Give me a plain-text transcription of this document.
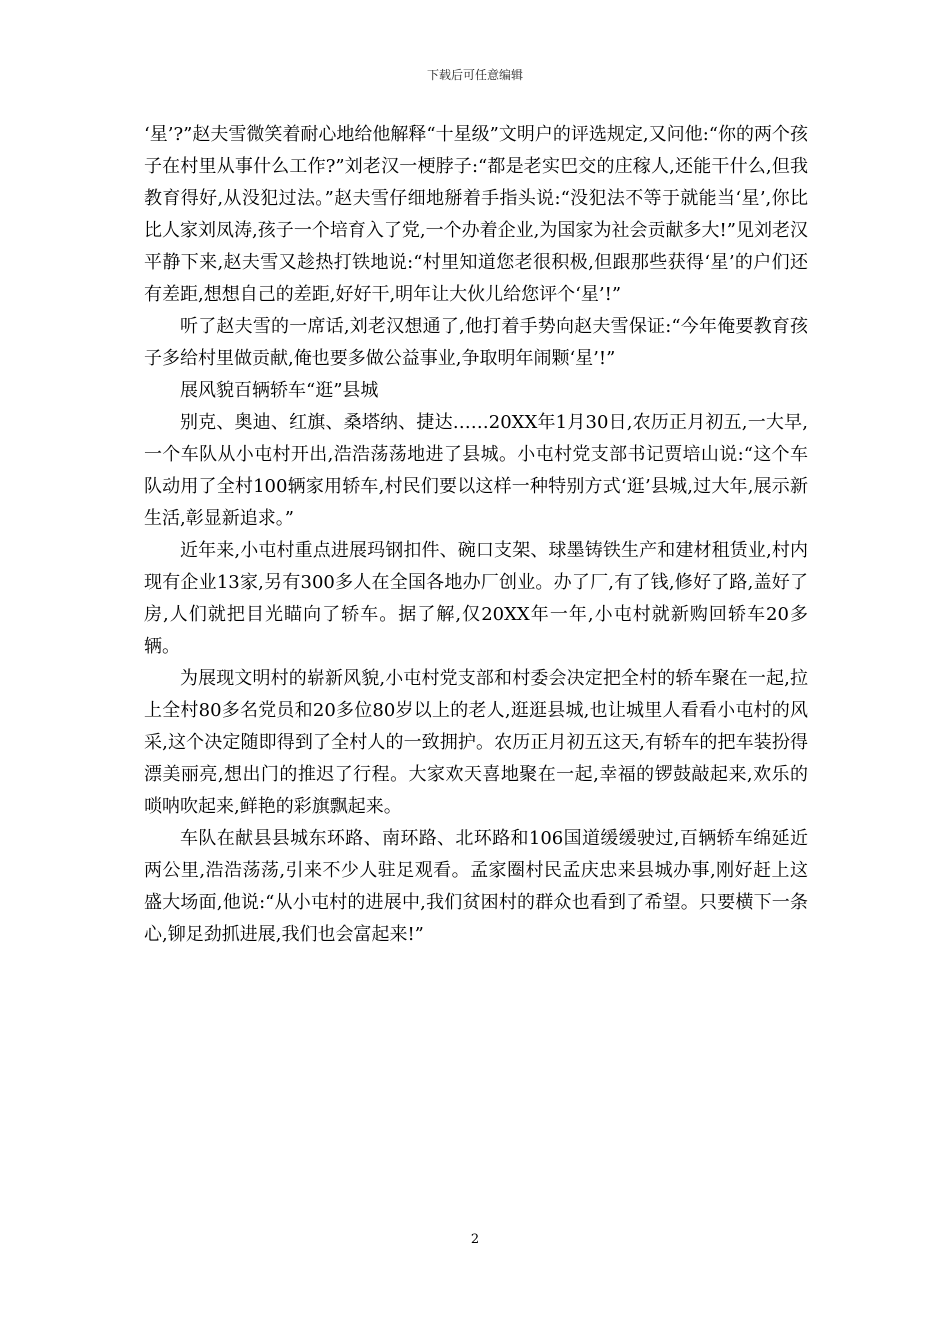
下载后可任意编辑

‘星’?”赵夫雪微笑着耐心地给他解释“十星级”文明户的评选规定,又问他:“你的两个孩子在村里从事什么工作?”刘老汉一梗脖子:“都是老实巴交的庄稼人,还能干什么,但我教育得好,从没犯过法。”赵夫雪仔细地掰着手指头说:“没犯法不等于就能当‘星’,你比比人家刘凤涛,孩子一个培育入了党,一个办着企业,为国家为社会贡献多大!”见刘老汉平静下来,赵夫雪又趁热打铁地说:“村里知道您老很积极,但跟那些获得‘星’的户们还有差距,想想自己的差距,好好干,明年让大伙儿给您评个‘星’!”

听了赵夫雪的一席话,刘老汉想通了,他打着手势向赵夫雪保证:“今年俺要教育孩子多给村里做贡献,俺也要多做公益事业,争取明年闹颗‘星’!”

展风貌百辆轿车“逛”县城

别克、奥迪、红旗、桑塔纳、捷达……20XX年1月30日,农历正月初五,一大早,一个车队从小屯村开出,浩浩荡荡地进了县城。小屯村党支部书记贾培山说:“这个车队动用了全村100辆家用轿车,村民们要以这样一种特别方式‘逛’县城,过大年,展示新生活,彰显新追求。”

近年来,小屯村重点进展玛钢扣件、碗口支架、球墨铸铁生产和建材租赁业,村内现有企业13家,另有300多人在全国各地办厂创业。办了厂,有了钱,修好了路,盖好了房,人们就把目光瞄向了轿车。据了解,仅20XX年一年,小屯村就新购回轿车20多辆。

为展现文明村的崭新风貌,小屯村党支部和村委会决定把全村的轿车聚在一起,拉上全村80多名党员和20多位80岁以上的老人,逛逛县城,也让城里人看看小屯村的风采,这个决定随即得到了全村人的一致拥护。农历正月初五这天,有轿车的把车装扮得漂美丽亮,想出门的推迟了行程。大家欢天喜地聚在一起,幸福的锣鼓敲起来,欢乐的唢呐吹起来,鲜艳的彩旗飘起来。

车队在献县县城东环路、南环路、北环路和106国道缓缓驶过,百辆轿车绵延近两公里,浩浩荡荡,引来不少人驻足观看。孟家圈村民孟庆忠来县城办事,刚好赶上这盛大场面,他说:“从小屯村的进展中,我们贫困村的群众也看到了希望。只要横下一条心,铆足劲抓进展,我们也会富起来!”

2
